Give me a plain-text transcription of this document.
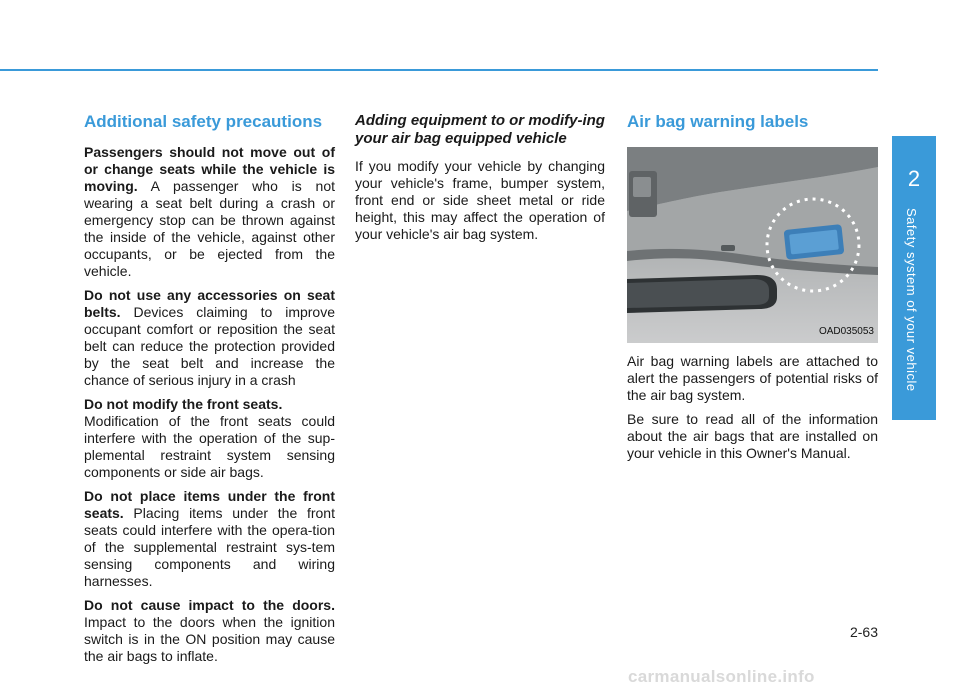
Additional safety precautions

Passengers should not move out of or change seats while the vehicle is moving. A passenger who is not wearing a seat belt during a crash or emergency stop can be thrown against the inside of the vehicle, against other occupants, or be ejected from the vehicle.

Do not use any accessories on seat belts. Devices claiming to improve occupant comfort or reposition the seat belt can reduce the protection provided by the seat belt and increase the chance of serious injury in a crash

Do not modify the front seats.

Modification of the front seats could interfere with the operation of the sup-plemental restraint system sensing components or side air bags.

Do not place items under the front seats. Placing items under the front seats could interfere with the opera-tion of the supplemental restraint sys-tem sensing components and wiring harnesses.

Do not cause impact to the doors. Impact to the doors when the ignition switch is in the ON position may cause the air bags to inflate.

Adding equipment to or modify-ing your air bag equipped vehicle

If you modify your vehicle by changing your vehicle's frame, bumper system, front end or side sheet metal or ride height, this may affect the operation of your vehicle's air bag system.

Air bag warning labels
OAD035053

Air bag warning labels are attached to alert the passengers of potential risks of the air bag system.

Be sure to read all of the information about the air bags that are installed on your vehicle in this Owner's Manual.

2
Safety system of your vehicle
2-63
carmanualsonline.info
